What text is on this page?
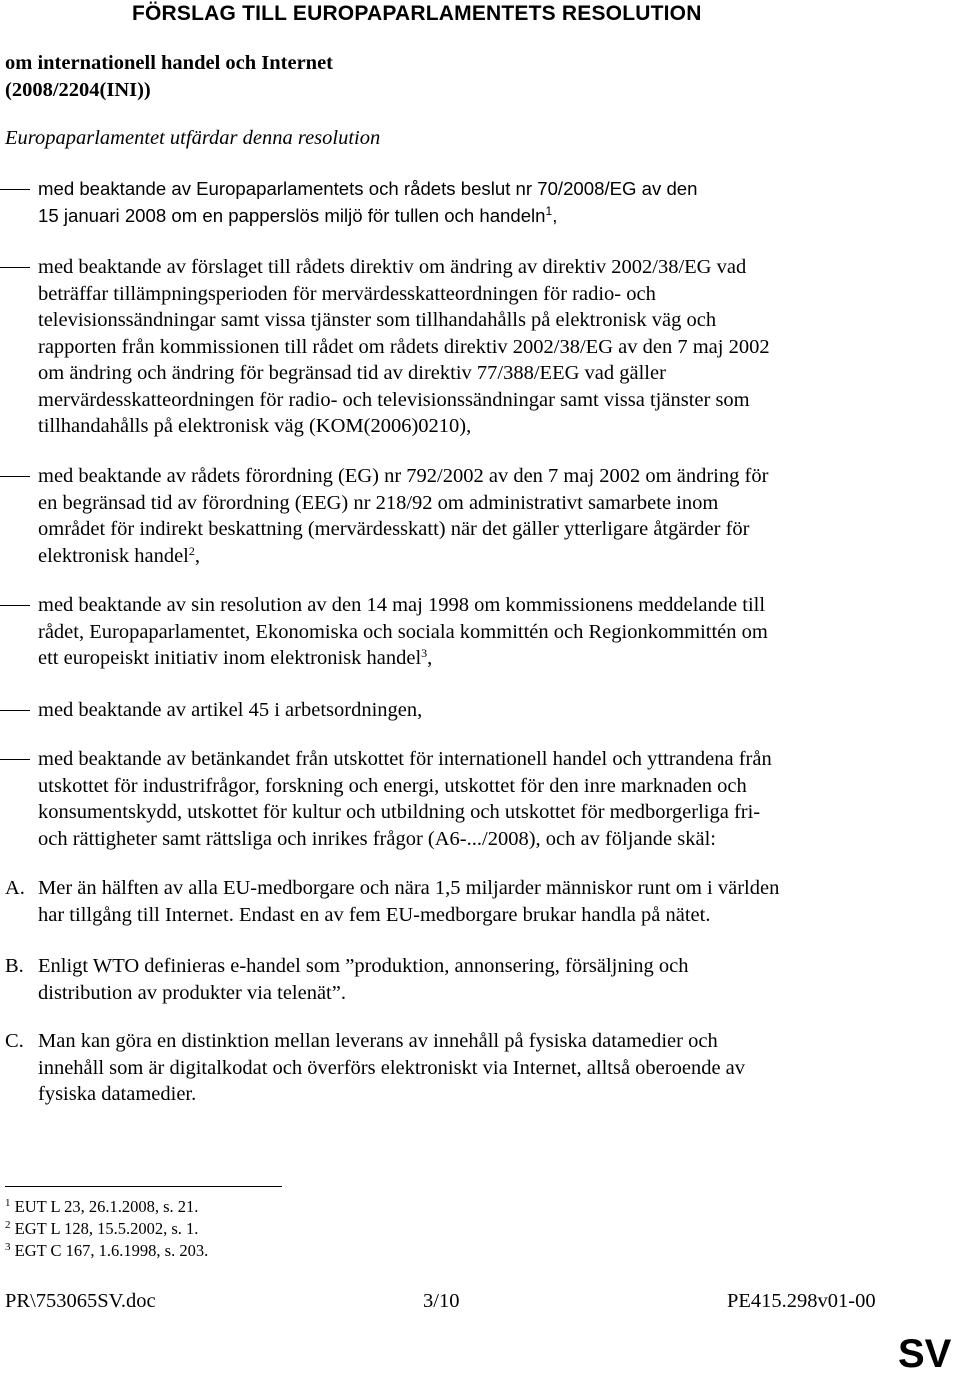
FÖRSLAG TILL EUROPAPARLAMENTETS RESOLUTION
om internationell handel och Internet
(2008/2204(INI))
Europaparlamentet utfärdar denna resolution
med beaktande av Europaparlamentets och rådets beslut nr 70/2008/EG av den
15 januari 2008 om en papperslös miljö för tullen och handeln$^1$,
med beaktande av förslaget till rådets direktiv om ändring av direktiv 2002/38/EG vad
beträffar tillämpningsperioden för mervärdesskatteordningen för radio- och
televisionssändningar samt vissa tjänster som tillhandahålls på elektronisk väg och
rapporten från kommissionen till rådet om rådets direktiv 2002/38/EG av den 7 maj 2002
om ändring och ändring för begränsad tid av direktiv 77/388/EEG vad gäller
mervärdesskatteordningen för radio- och televisionssändningar samt vissa tjänster som
tillhandahålls på elektronisk väg (KOM(2006)0210),
med beaktande av rådets förordning (EG) nr 792/2002 av den 7 maj 2002 om ändring för
en begränsad tid av förordning (EEG) nr 218/92 om administrativt samarbete inom
området för indirekt beskattning (mervärdesskatt) när det gäller ytterligare åtgärder för
elektronisk handel$^2$,
med beaktande av sin resolution av den 14 maj 1998 om kommissionens meddelande till
rådet, Europaparlamentet, Ekonomiska och sociala kommittén och Regionkommittén om
ett europeiskt initiativ inom elektronisk handel$^3$,
med beaktande av artikel 45 i arbetsordningen,
med beaktande av betänkandet från utskottet för internationell handel och yttrandena från
utskottet för industrifrågor, forskning och energi, utskottet för den inre marknaden och
konsumentskydd, utskottet för kultur och utbildning och utskottet för medborgerliga fri-
och rättigheter samt rättsliga och inrikes frågor (A6-.../2008), och av följande skäl:
A. Mer än hälften av alla EU-medborgare och nära 1,5 miljarder människor runt om i världen
har tillgång till Internet. Endast en av fem EU-medborgare brukar handla på nätet.
B. Enligt WTO definieras e-handel som ”produktion, annonsering, försäljning och
distribution av produkter via telenät”.
C. Man kan göra en distinktion mellan leverans av innehåll på fysiska datamedier och
innehåll som är digitalkodat och överförs elektroniskt via Internet, alltså oberoende av
fysiska datamedier.
$^1$ EUT L 23, 26.1.2008, s. 21.
$^2$ EGT L 128, 15.5.2002, s. 1.
$^3$ EGT C 167, 1.6.1998, s. 203.
PR\753065SV.doc	3/10	PE415.298v01-00
SV
